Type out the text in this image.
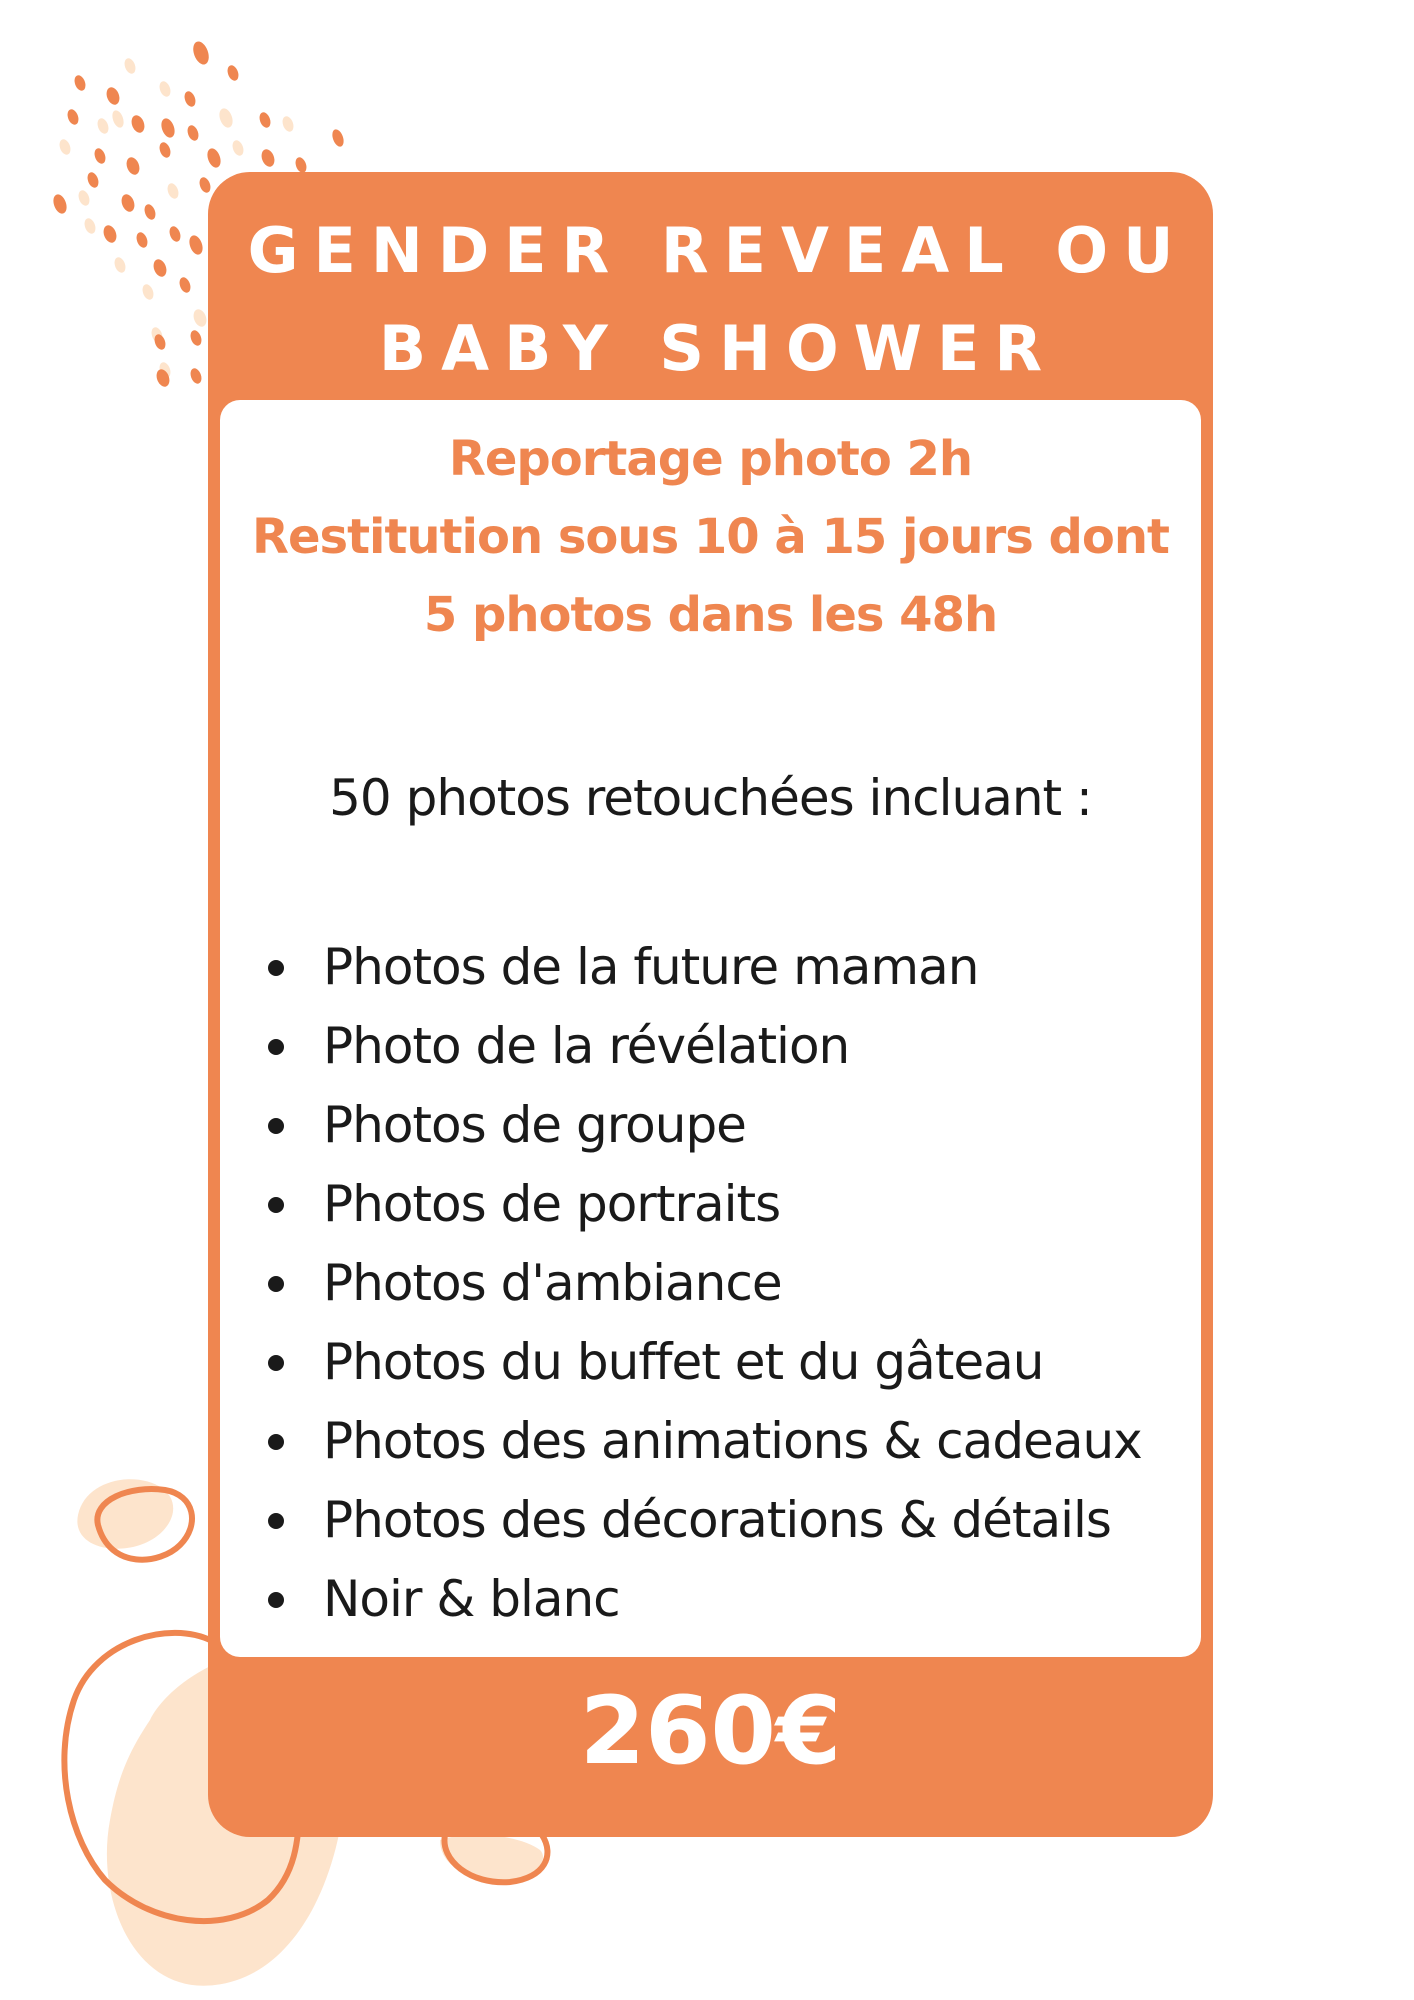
GENDER REVEAL OU
BABY SHOWER
Reportage photo 2h
Restitution sous 10 à 15 jours dont
5 photos dans les 48h
50 photos retouchées incluant :
Photos de la future maman
Photo de la révélation
Photos de groupe
Photos de portraits
Photos d'ambiance
Photos du buffet et du gâteau
Photos des animations & cadeaux
Photos des décorations & détails
Noir & blanc
260€
